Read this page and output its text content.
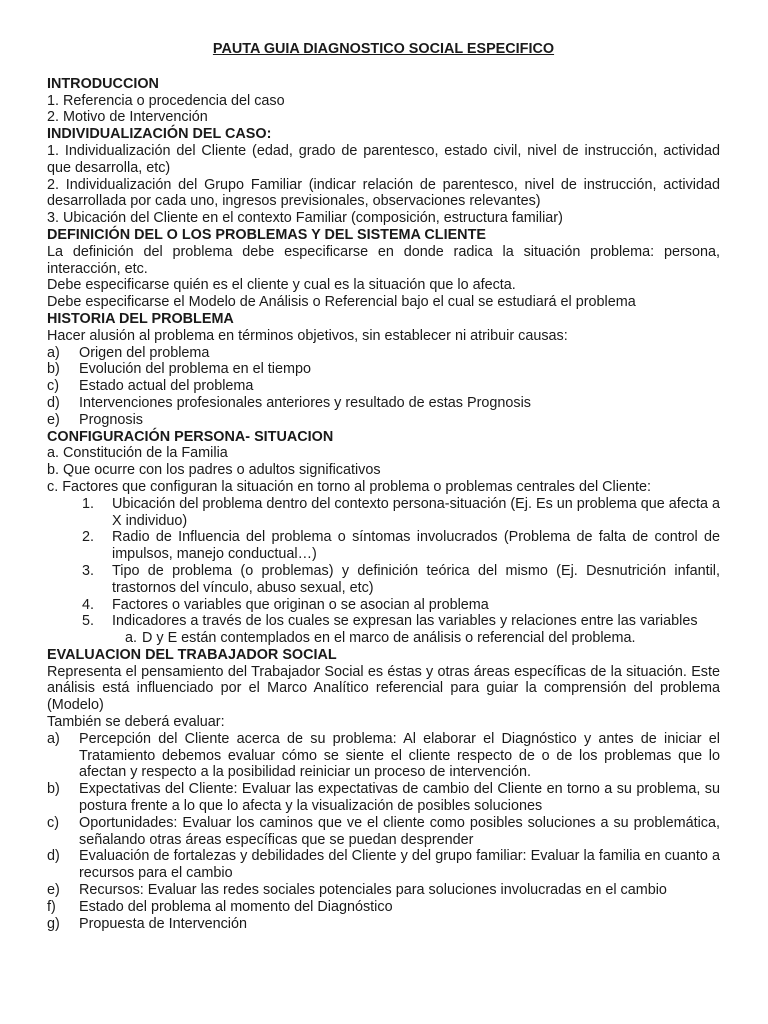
PAUTA GUIA DIAGNOSTICO SOCIAL ESPECIFICO
INTRODUCCION
1. Referencia o procedencia del caso
2. Motivo de Intervención
INDIVIDUALIZACIÓN DEL CASO:
1. Individualización del Cliente (edad, grado de parentesco, estado civil, nivel de instrucción, actividad que desarrolla, etc)
2. Individualización del Grupo Familiar (indicar relación de parentesco, nivel de instrucción, actividad desarrollada por cada uno, ingresos previsionales, observaciones relevantes)
3. Ubicación del Cliente en el contexto Familiar (composición, estructura familiar)
DEFINICIÓN DEL O LOS PROBLEMAS Y DEL SISTEMA CLIENTE
La definición del problema debe especificarse en donde radica la situación problema: persona, interacción, etc.
Debe especificarse quién es el cliente y cual es la situación que lo afecta.
Debe especificarse el Modelo de Análisis o Referencial bajo el cual se estudiará el problema
HISTORIA DEL PROBLEMA
Hacer alusión al problema en términos objetivos, sin establecer ni atribuir causas:
a)	Origen del problema
b)	Evolución del problema en el tiempo
c)	Estado actual del problema
d)	Intervenciones profesionales anteriores y resultado de estas Prognosis
e)	Prognosis
CONFIGURACIÓN PERSONA- SITUACION
a. Constitución de la Familia
b. Que ocurre con los padres o adultos significativos
c. Factores que configuran la situación en torno al problema o problemas centrales del Cliente:
1.	Ubicación del problema dentro del contexto persona-situación (Ej. Es un problema que afecta a X individuo)
2.	Radio de Influencia del problema o síntomas involucrados (Problema de falta de control de impulsos, manejo conductual…)
3.	Tipo de problema (o problemas) y definición teórica del mismo (Ej. Desnutrición infantil, trastornos del vínculo, abuso sexual, etc)
4.	Factores o variables que originan o se asocian al problema
5.	Indicadores a través de los cuales se expresan las variables y relaciones entre las variables
a. D y E están contemplados en el marco de análisis o referencial del problema.
EVALUACION DEL TRABAJADOR SOCIAL
Representa el pensamiento del Trabajador Social es éstas y otras áreas específicas de la situación. Este análisis está influenciado por el Marco Analítico referencial para guiar la comprensión del problema (Modelo)
También se deberá evaluar:
a)	Percepción del Cliente acerca de su problema: Al elaborar el Diagnóstico y antes de iniciar el Tratamiento debemos evaluar cómo se siente el cliente respecto de o de los problemas que lo afectan y respecto a la posibilidad reiniciar un proceso de intervención.
b)	Expectativas del Cliente: Evaluar las expectativas de cambio del Cliente en torno a su problema, su postura frente a lo que lo afecta y la visualización de posibles soluciones
c)	Oportunidades: Evaluar los caminos que ve el cliente como posibles soluciones a su problemática, señalando otras áreas específicas que se puedan desprender
d)	Evaluación de fortalezas y debilidades del Cliente y del grupo familiar: Evaluar la familia en cuanto a recursos para el cambio
e)	Recursos: Evaluar las redes sociales potenciales para soluciones involucradas en el cambio
f)	Estado del problema al momento del Diagnóstico
g)	Propuesta de Intervención
